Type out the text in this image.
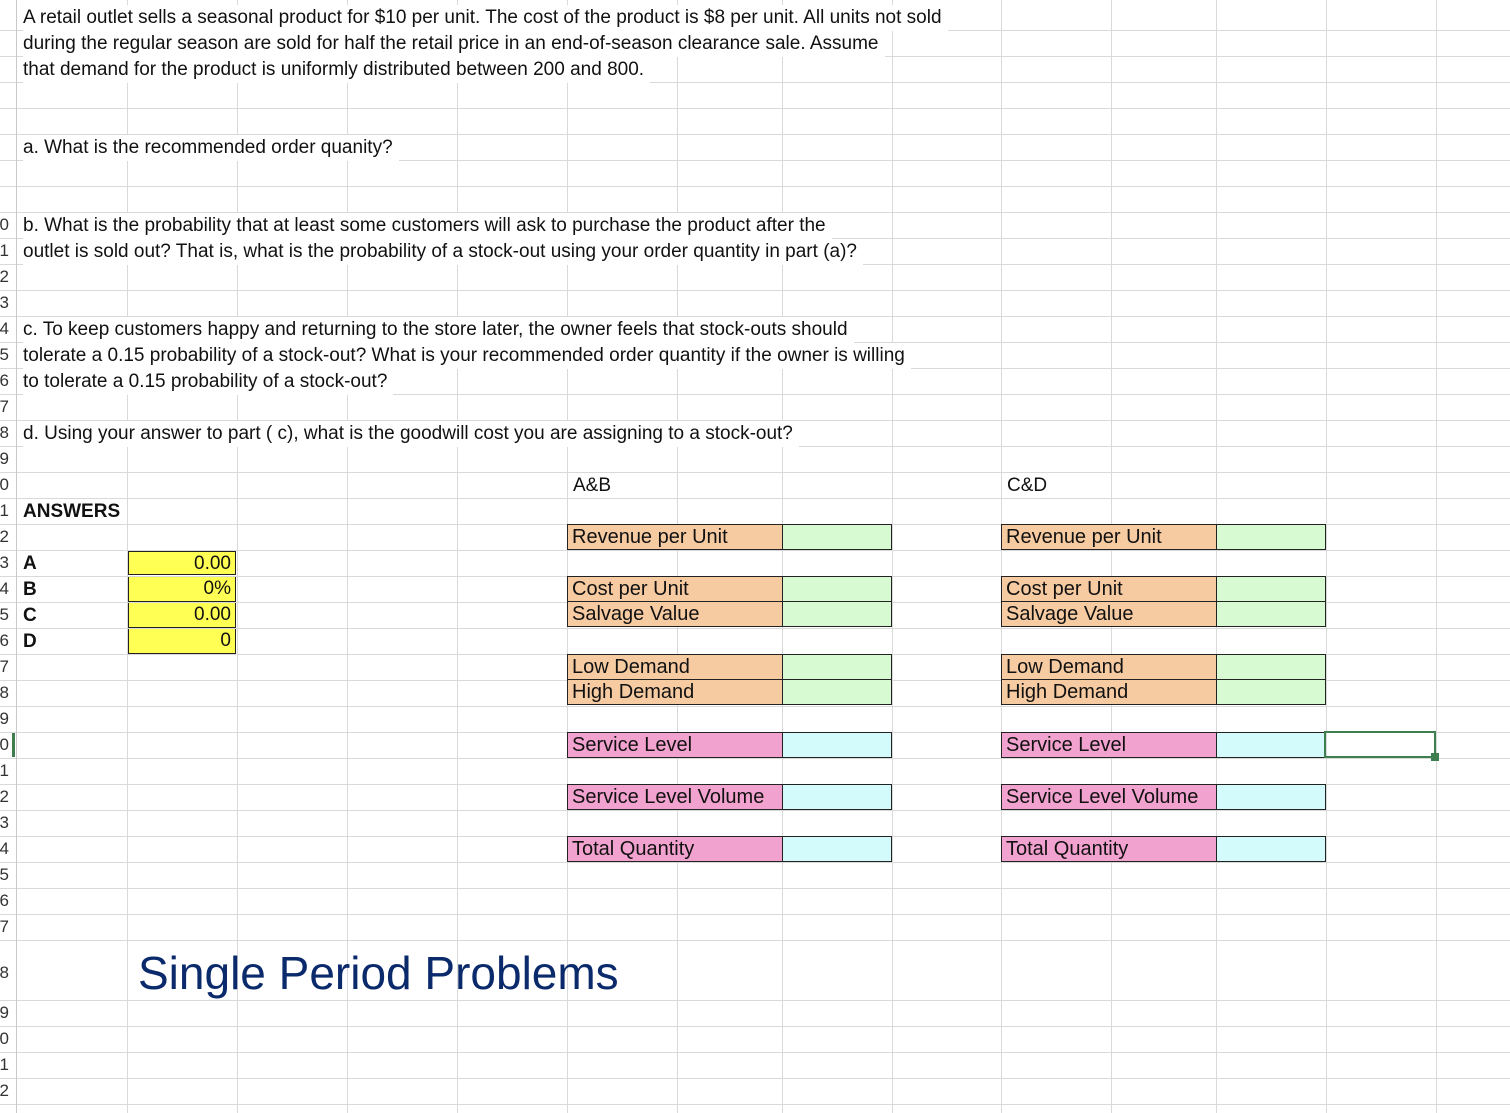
0
1
2
3
4
5
6
7
8
9
0
1
2
3
4
5
6
7
8
9
0
1
2
3
4
5
6
7
8
9
0
1
2
A retail outlet sells a seasonal product for $10 per unit. The cost of the product is $8 per unit. All units not sold
during the regular season are sold for half the retail price in an end-of-season clearance sale. Assume
that demand for the product is uniformly distributed between 200 and 800.
a. What is the recommended order quanity?
b. What is the probability that at least some customers will ask to purchase the product after the
outlet is sold out? That is, what is the probability of a stock-out using your order quantity in part (a)?
c. To keep customers happy and returning to the store later, the owner feels that stock-outs should
tolerate a 0.15 probability of a stock-out? What is your recommended order quantity if the owner is willing
to tolerate a 0.15 probability of a stock-out?
d. Using your answer to part ( c), what is the goodwill cost you are assigning to a stock-out?
A&B	C&D
ANSWERS
A
B
C
D
0.00
0%
0.00
0
Revenue per Unit
Cost per Unit
Salvage Value
Low Demand
High Demand
Service Level
Service Level Volume
Total Quantity
Revenue per Unit
Cost per Unit
Salvage Value
Low Demand
High Demand
Service Level
Service Level Volume
Total Quantity
Single Period Problems
